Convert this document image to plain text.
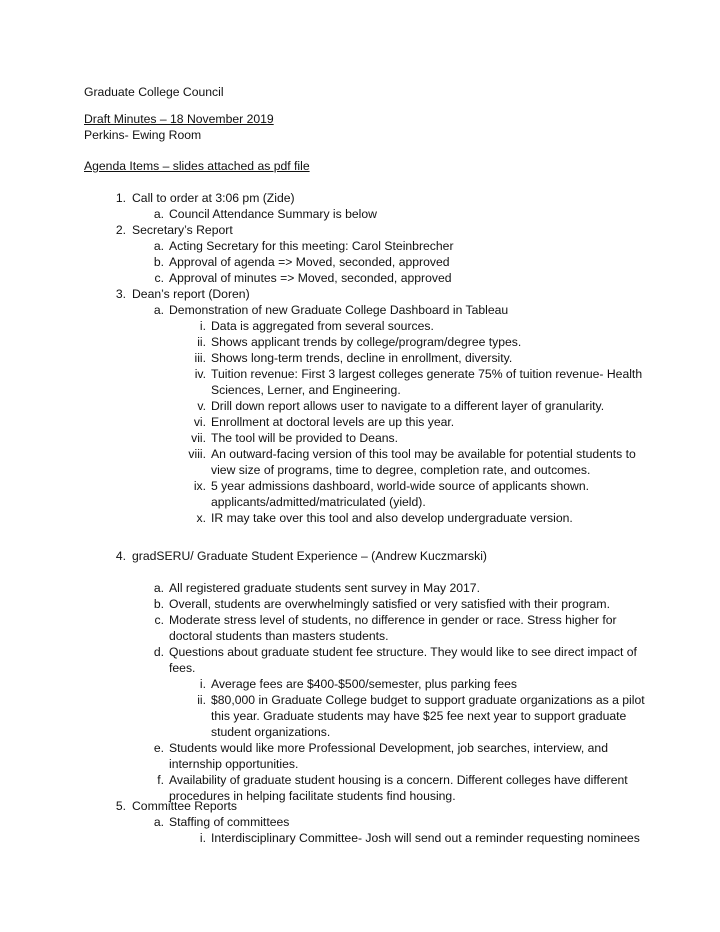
Graduate College Council
Draft Minutes – 18 November 2019
Perkins- Ewing Room
Agenda Items – slides attached as pdf file
1. Call to order at 3:06 pm (Zide)
a. Council Attendance Summary is below
2. Secretary’s Report
a. Acting Secretary for this meeting: Carol Steinbrecher
b. Approval of agenda => Moved, seconded, approved
c. Approval of minutes => Moved, seconded, approved
3. Dean’s report (Doren)
a. Demonstration of new Graduate College Dashboard in Tableau
i. Data is aggregated from several sources.
ii. Shows applicant trends by college/program/degree types.
iii. Shows long-term trends, decline in enrollment, diversity.
iv. Tuition revenue: First 3 largest colleges generate 75% of tuition revenue- Health
Sciences, Lerner, and Engineering.
v. Drill down report allows user to navigate to a different layer of granularity.
vi. Enrollment at doctoral levels are up this year.
vii. The tool will be provided to Deans.
viii. An outward-facing version of this tool may be available for potential students to
view size of programs, time to degree, completion rate, and outcomes.
ix. 5 year admissions dashboard, world-wide source of applicants shown.
applicants/admitted/matriculated (yield).
x. IR may take over this tool and also develop undergraduate version.
4. gradSERU/ Graduate Student Experience – (Andrew Kuczmarski)
a. All registered graduate students sent survey in May 2017.
b. Overall, students are overwhelmingly satisfied or very satisfied with their program.
c. Moderate stress level of students, no difference in gender or race. Stress higher for
doctoral students than masters students.
d. Questions about graduate student fee structure. They would like to see direct impact of
fees.
i. Average fees are $400-$500/semester, plus parking fees
ii. $80,000 in Graduate College budget to support graduate organizations as a pilot
this year. Graduate students may have $25 fee next year to support graduate
student organizations.
e. Students would like more Professional Development, job searches, interview, and
internship opportunities.
f. Availability of graduate student housing is a concern. Different colleges have different
procedures in helping facilitate students find housing.
5. Committee Reports
a. Staffing of committees
i. Interdisciplinary Committee- Josh will send out a reminder requesting nominees
